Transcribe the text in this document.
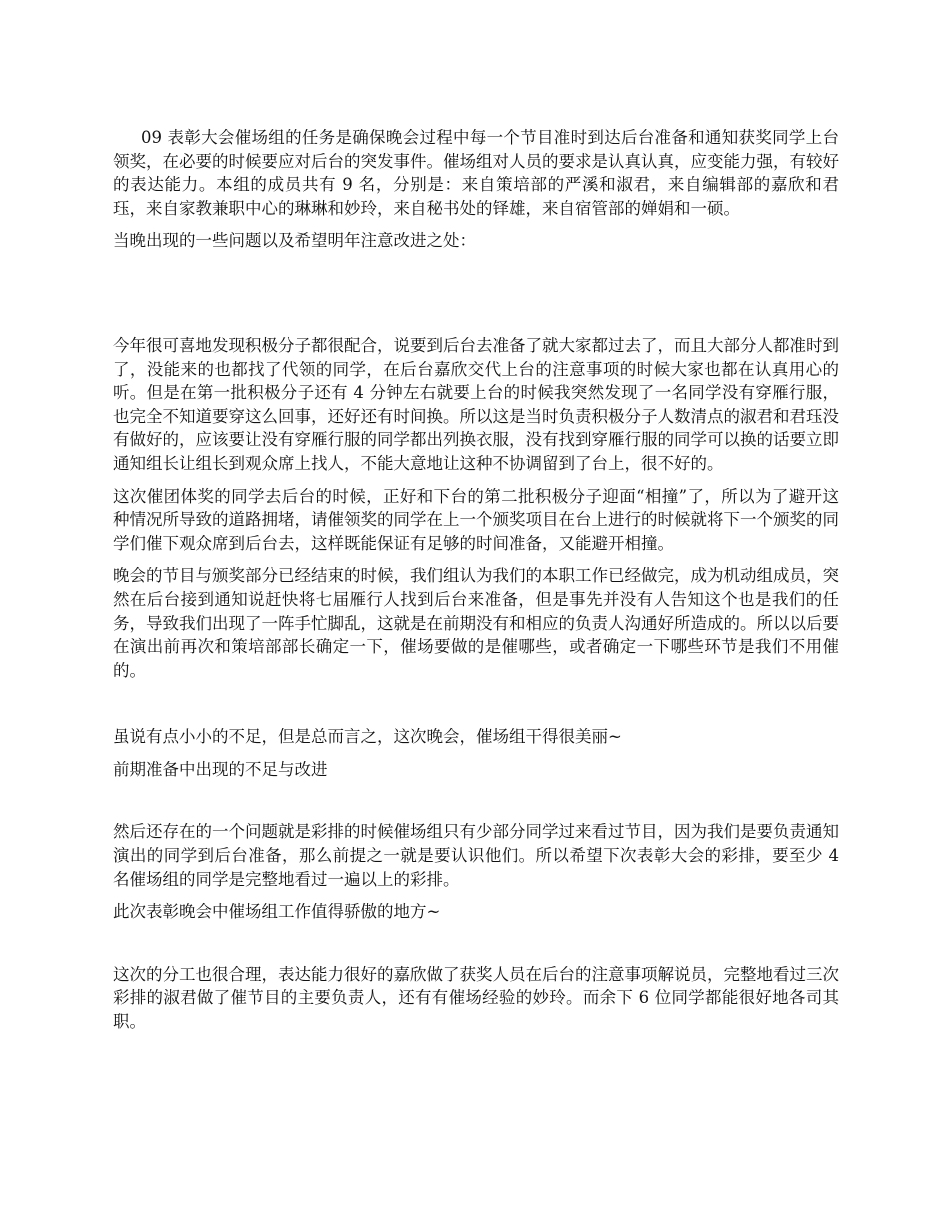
09 表彰大会催场组的任务是确保晚会过程中每一个节目准时到达后台准备和通知获奖同学上台领奖，在必要的时候要应对后台的突发事件。催场组对人员的要求是认真认真，应变能力强，有较好的表达能力。本组的成员共有 9 名，分别是：来自策培部的严溪和淑君，来自编辑部的嘉欣和君珏，来自家教兼职中心的琳琳和妙玲，来自秘书处的铎雄，来自宿管部的婵娟和一硕。

当晚出现的一些问题以及希望明年注意改进之处：

今年很可喜地发现积极分子都很配合，说要到后台去准备了就大家都过去了，而且大部分人都准时到了，没能来的也都找了代领的同学，在后台嘉欣交代上台的注意事项的时候大家也都在认真用心的听。但是在第一批积极分子还有 4 分钟左右就要上台的时候我突然发现了一名同学没有穿雁行服，也完全不知道要穿这么回事，还好还有时间换。所以这是当时负责积极分子人数清点的淑君和君珏没有做好的，应该要让没有穿雁行服的同学都出列换衣服，没有找到穿雁行服的同学可以换的话要立即通知组长让组长到观众席上找人，不能大意地让这种不协调留到了台上，很不好的。

这次催团体奖的同学去后台的时候，正好和下台的第二批积极分子迎面“相撞”了，所以为了避开这种情况所导致的道路拥堵，请催领奖的同学在上一个颁奖项目在台上进行的时候就将下一个颁奖的同学们催下观众席到后台去，这样既能保证有足够的时间准备，又能避开相撞。

晚会的节目与颁奖部分已经结束的时候，我们组认为我们的本职工作已经做完，成为机动组成员，突然在后台接到通知说赶快将七届雁行人找到后台来准备，但是事先并没有人告知这个也是我们的任务，导致我们出现了一阵手忙脚乱，这就是在前期没有和相应的负责人沟通好所造成的。所以以后要在演出前再次和策培部部长确定一下，催场要做的是催哪些，或者确定一下哪些环节是我们不用催的。

虽说有点小小的不足，但是总而言之，这次晚会，催场组干得很美丽~

前期准备中出现的不足与改进

然后还存在的一个问题就是彩排的时候催场组只有少部分同学过来看过节目，因为我们是要负责通知演出的同学到后台准备，那么前提之一就是要认识他们。所以希望下次表彰大会的彩排，要至少 4 名催场组的同学是完整地看过一遍以上的彩排。

此次表彰晚会中催场组工作值得骄傲的地方~

这次的分工也很合理，表达能力很好的嘉欣做了获奖人员在后台的注意事项解说员，完整地看过三次彩排的淑君做了催节目的主要负责人，还有有催场经验的妙玲。而余下 6 位同学都能很好地各司其职。
